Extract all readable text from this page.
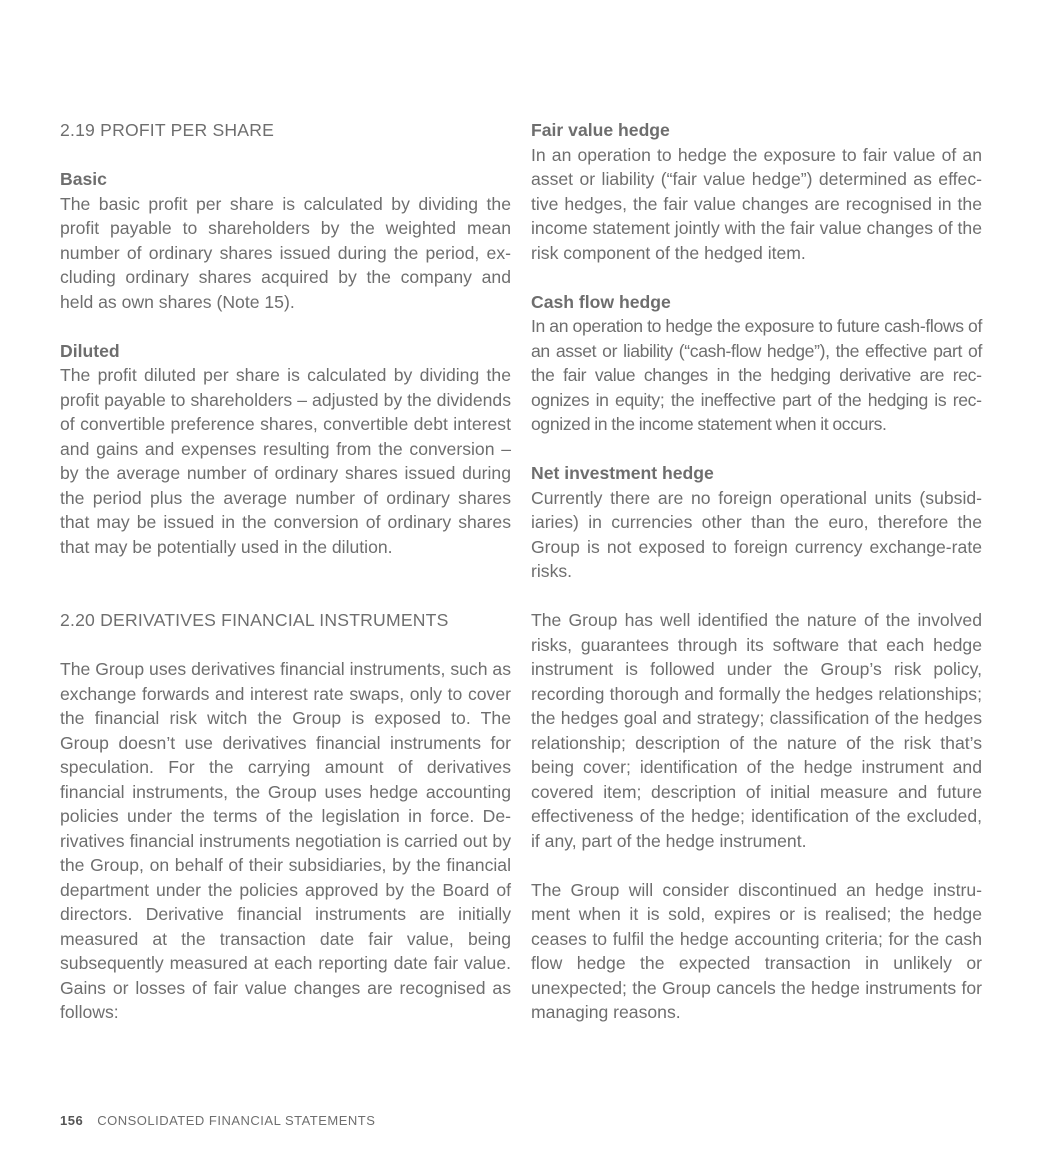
2.19 PROFIT PER SHARE
Basic

The basic profit per share is calculated by dividing the profit payable to shareholders by the weighted mean number of ordinary shares issued during the period, excluding ordinary shares acquired by the company and held as own shares (Note 15).

Diluted

The profit diluted per share is calculated by dividing the profit payable to shareholders – adjusted by the dividends of convertible preference shares, convertible debt interest and gains and expenses resulting from the conversion – by the average number of ordinary shares issued during the period plus the average number of ordinary shares that may be issued in the conversion of ordinary shares that may be potentially used in the dilution.

2.20 DERIVATIVES FINANCIAL INSTRUMENTS

The Group uses derivatives financial instruments, such as exchange forwards and interest rate swaps, only to cover the financial risk witch the Group is exposed to. The Group doesn’t use derivatives financial instruments for speculation. For the carrying amount of derivatives financial instruments, the Group uses hedge accounting policies under the terms of the legislation in force. Derivatives financial instruments negotiation is carried out by the Group, on behalf of their subsidiaries, by the financial department under the policies approved by the Board of directors. Derivative financial instruments are initially measured at the transaction date fair value, being subsequently measured at each reporting date fair value. Gains or losses of fair value changes are recognised as follows:

Fair value hedge

In an operation to hedge the exposure to fair value of an asset or liability (“fair value hedge”) determined as effective hedges, the fair value changes are recognised in the income statement jointly with the fair value changes of the risk component of the hedged item.

Cash flow hedge

In an operation to hedge the exposure to future cash-flows of an asset or liability (“cash-flow hedge”), the effective part of the fair value changes in the hedging derivative are recognizes in equity; the ineffective part of the hedging is recognized in the income statement when it occurs.

Net investment hedge

Currently there are no foreign operational units (subsidiaries) in currencies other than the euro, therefore the Group is not exposed to foreign currency exchange-rate risks.

The Group has well identified the nature of the involved risks, guarantees through its software that each hedge instrument is followed under the Group’s risk policy, recording thorough and formally the hedges relationships; the hedges goal and strategy; classification of the hedges relationship; description of the nature of the risk that’s being cover; identification of the hedge instrument and covered item; description of initial measure and future effectiveness of the hedge; identification of the excluded, if any, part of the hedge instrument.

The Group will consider discontinued an hedge instrument when it is sold, expires or is realised; the hedge ceases to fulfil the hedge accounting criteria; for the cash flow hedge the expected transaction in unlikely or unexpected; the Group cancels the hedge instruments for managing reasons.

156 CONSOLIDATED FINANCIAL STATEMENTS
